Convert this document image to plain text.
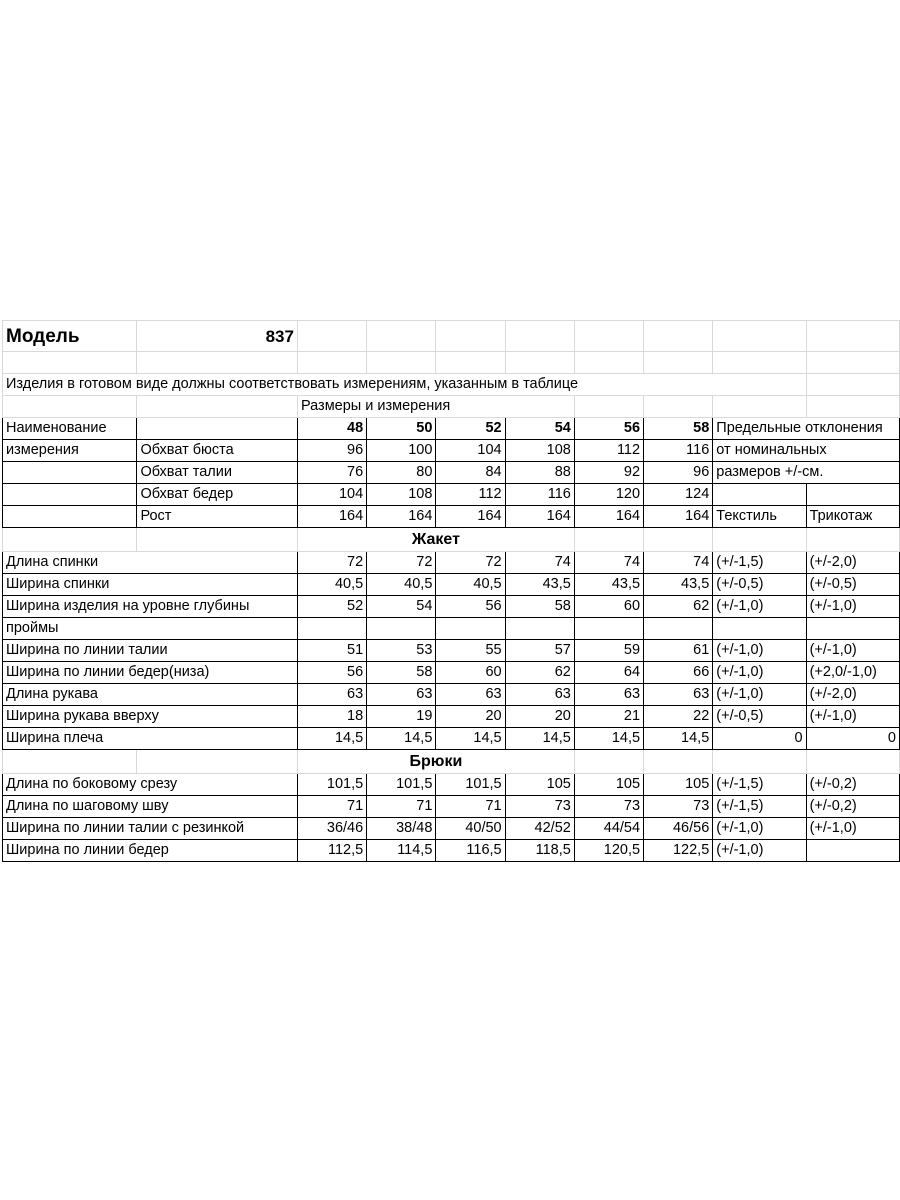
Модель	837								

Изделия в готовом виде должны соответствовать измерениям, указанным в таблице									
		Размеры и измерения							
Наименование		48	50	52	54	56	58	Предельные отклонения	
измерения	Обхват бюста	96	100	104	108	112	116	от номинальных	
	Обхват талии	76	80	84	88	92	96	размеров +/-см.	
	Обхват бедер	104	108	112	116	120	124		
	Рост	164	164	164	164	164	164	Текстиль	Трикотаж
		Жакет							
Длина спинки		72	72	72	74	74	74	(+/-1,5)	(+/-2,0)
Ширина спинки		40,5	40,5	40,5	43,5	43,5	43,5	(+/-0,5)	(+/-0,5)
Ширина изделия на уровне глубины		52	54	56	58	60	62	(+/-1,0)	(+/-1,0)
проймы									
Ширина по линии талии		51	53	55	57	59	61	(+/-1,0)	(+/-1,0)
Ширина по линии бедер(низа)		56	58	60	62	64	66	(+/-1,0)	(+2,0/-1,0)
Длина рукава		63	63	63	63	63	63	(+/-1,0)	(+/-2,0)
Ширина рукава вверху		18	19	20	20	21	22	(+/-0,5)	(+/-1,0)
Ширина плеча		14,5	14,5	14,5	14,5	14,5	14,5	0	0
		Брюки							
Длина по боковому срезу		101,5	101,5	101,5	105	105	105	(+/-1,5)	(+/-0,2)
Длина по шаговому шву		71	71	71	73	73	73	(+/-1,5)	(+/-0,2)
Ширина по линии талии с резинкой		36/46	38/48	40/50	42/52	44/54	46/56	(+/-1,0)	(+/-1,0)
Ширина по линии бедер		112,5	114,5	116,5	118,5	120,5	122,5	(+/-1,0)	
